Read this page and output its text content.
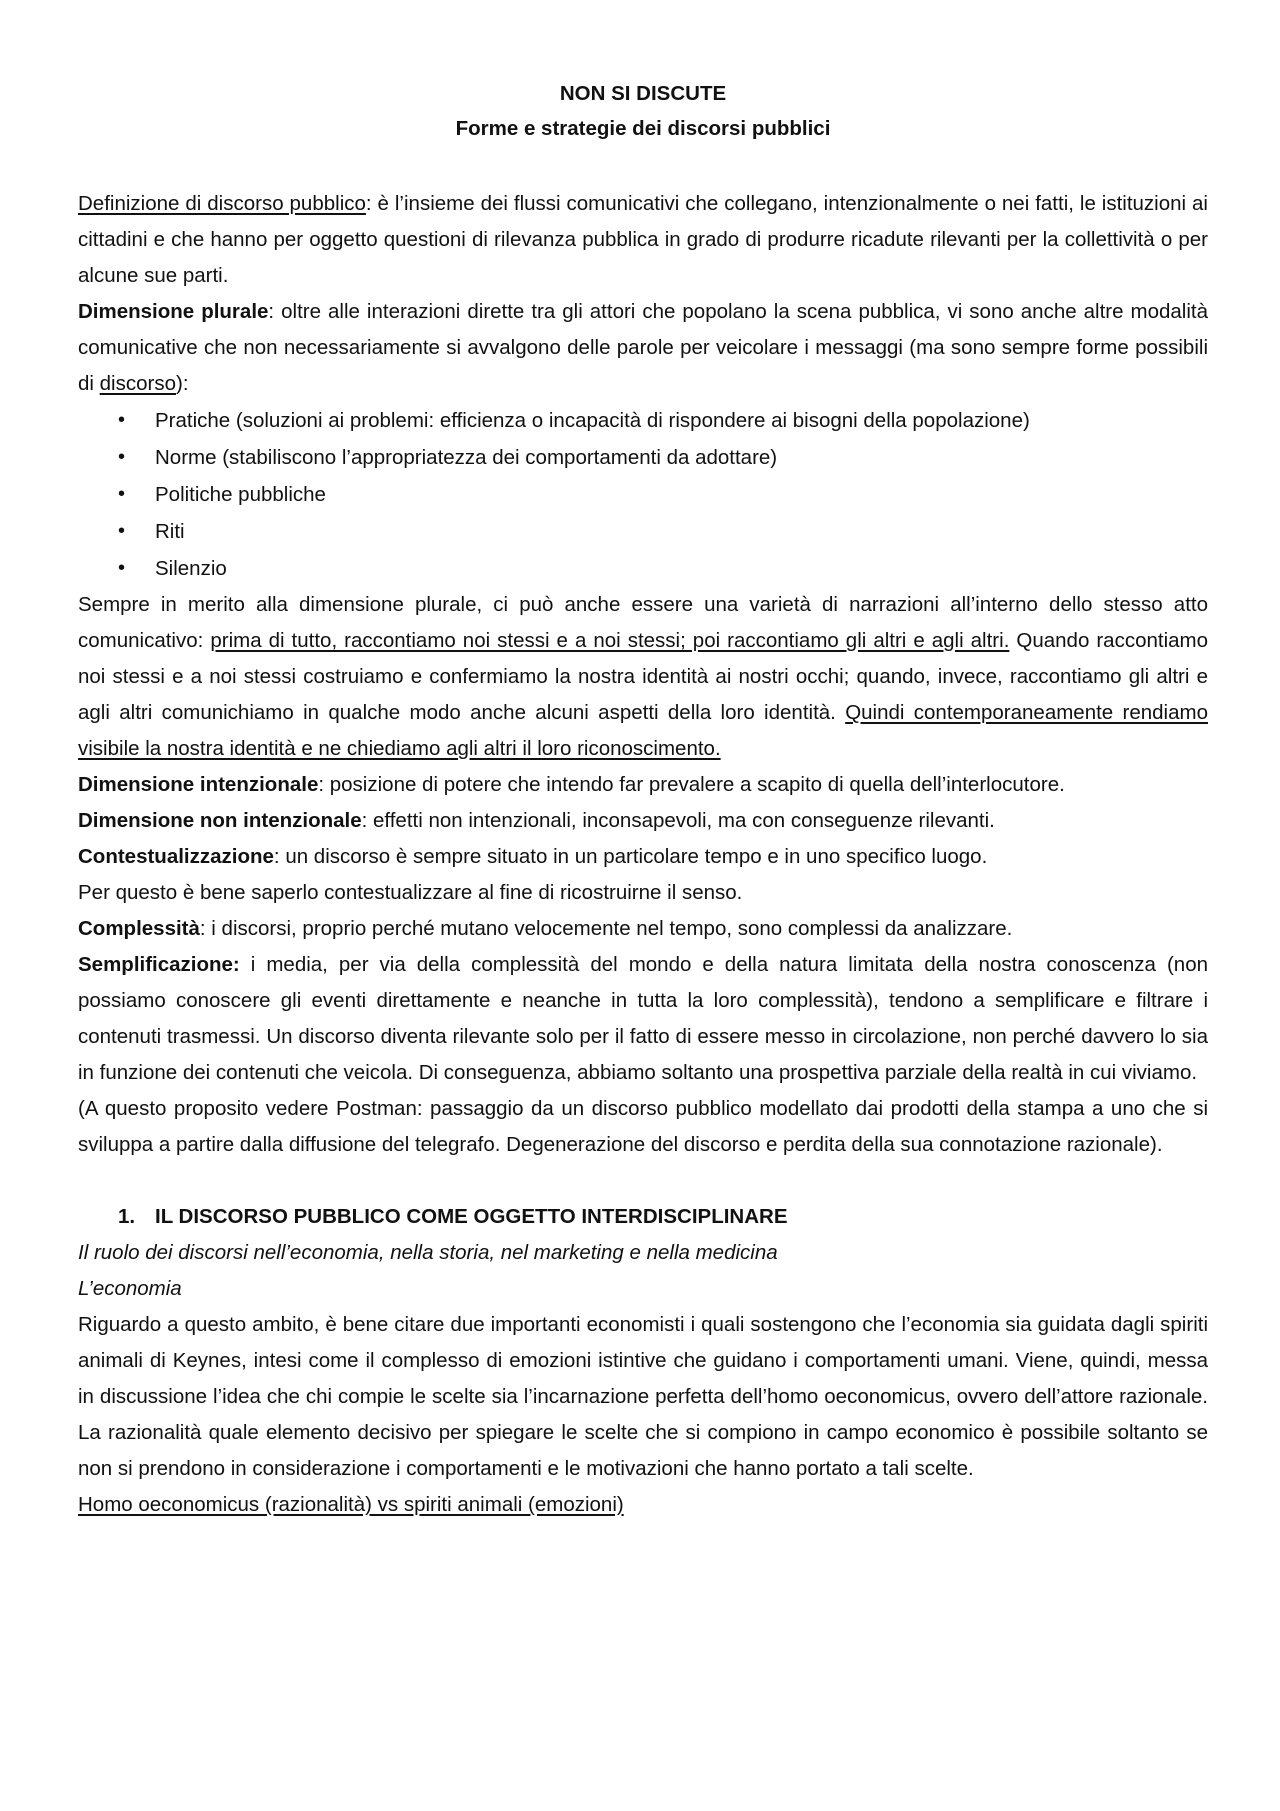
NON SI DISCUTE
Forme e strategie dei discorsi pubblici

Definizione di discorso pubblico: è l’insieme dei flussi comunicativi che collegano, intenzionalmente o nei fatti, le istituzioni ai cittadini e che hanno per oggetto questioni di rilevanza pubblica in grado di produrre ricadute rilevanti per la collettività o per alcune sue parti.

Dimensione plurale: oltre alle interazioni dirette tra gli attori che popolano la scena pubblica, vi sono anche altre modalità comunicative che non necessariamente si avvalgono delle parole per veicolare i messaggi (ma sono sempre forme possibili di discorso):

• Pratiche (soluzioni ai problemi: efficienza o incapacità di rispondere ai bisogni della popolazione)
• Norme (stabiliscono l’appropriatezza dei comportamenti da adottare)
• Politiche pubbliche
• Riti
• Silenzio

Sempre in merito alla dimensione plurale, ci può anche essere una varietà di narrazioni all’interno dello stesso atto comunicativo: prima di tutto, raccontiamo noi stessi e a noi stessi; poi raccontiamo gli altri e agli altri. Quando raccontiamo noi stessi e a noi stessi costruiamo e confermiamo la nostra identità ai nostri occhi; quando, invece, raccontiamo gli altri e agli altri comunichiamo in qualche modo anche alcuni aspetti della loro identità. Quindi contemporaneamente rendiamo visibile la nostra identità e ne chiediamo agli altri il loro riconoscimento.

Dimensione intenzionale: posizione di potere che intendo far prevalere a scapito di quella dell’interlocutore.

Dimensione non intenzionale: effetti non intenzionali, inconsapevoli, ma con conseguenze rilevanti.

Contestualizzazione: un discorso è sempre situato in un particolare tempo e in uno specifico luogo.

Per questo è bene saperlo contestualizzare al fine di ricostruirne il senso.

Complessità: i discorsi, proprio perché mutano velocemente nel tempo, sono complessi da analizzare.

Semplificazione: i media, per via della complessità del mondo e della natura limitata della nostra conoscenza (non possiamo conoscere gli eventi direttamente e neanche in tutta la loro complessità), tendono a semplificare e filtrare i contenuti trasmessi. Un discorso diventa rilevante solo per il fatto di essere messo in circolazione, non perché davvero lo sia in funzione dei contenuti che veicola. Di conseguenza, abbiamo soltanto una prospettiva parziale della realtà in cui viviamo.

(A questo proposito vedere Postman: passaggio da un discorso pubblico modellato dai prodotti della stampa a uno che si sviluppa a partire dalla diffusione del telegrafo. Degenerazione del discorso e perdita della sua connotazione razionale).

1. IL DISCORSO PUBBLICO COME OGGETTO INTERDISCIPLINARE

Il ruolo dei discorsi nell’economia, nella storia, nel marketing e nella medicina

L’economia

Riguardo a questo ambito, è bene citare due importanti economisti i quali sostengono che l’economia sia guidata dagli spiriti animali di Keynes, intesi come il complesso di emozioni istintive che guidano i comportamenti umani. Viene, quindi, messa in discussione l’idea che chi compie le scelte sia l’incarnazione perfetta dell’homo oeconomicus, ovvero dell’attore razionale. La razionalità quale elemento decisivo per spiegare le scelte che si compiono in campo economico è possibile soltanto se non si prendono in considerazione i comportamenti e le motivazioni che hanno portato a tali scelte.

Homo oeconomicus (razionalità) vs spiriti animali (emozioni)
